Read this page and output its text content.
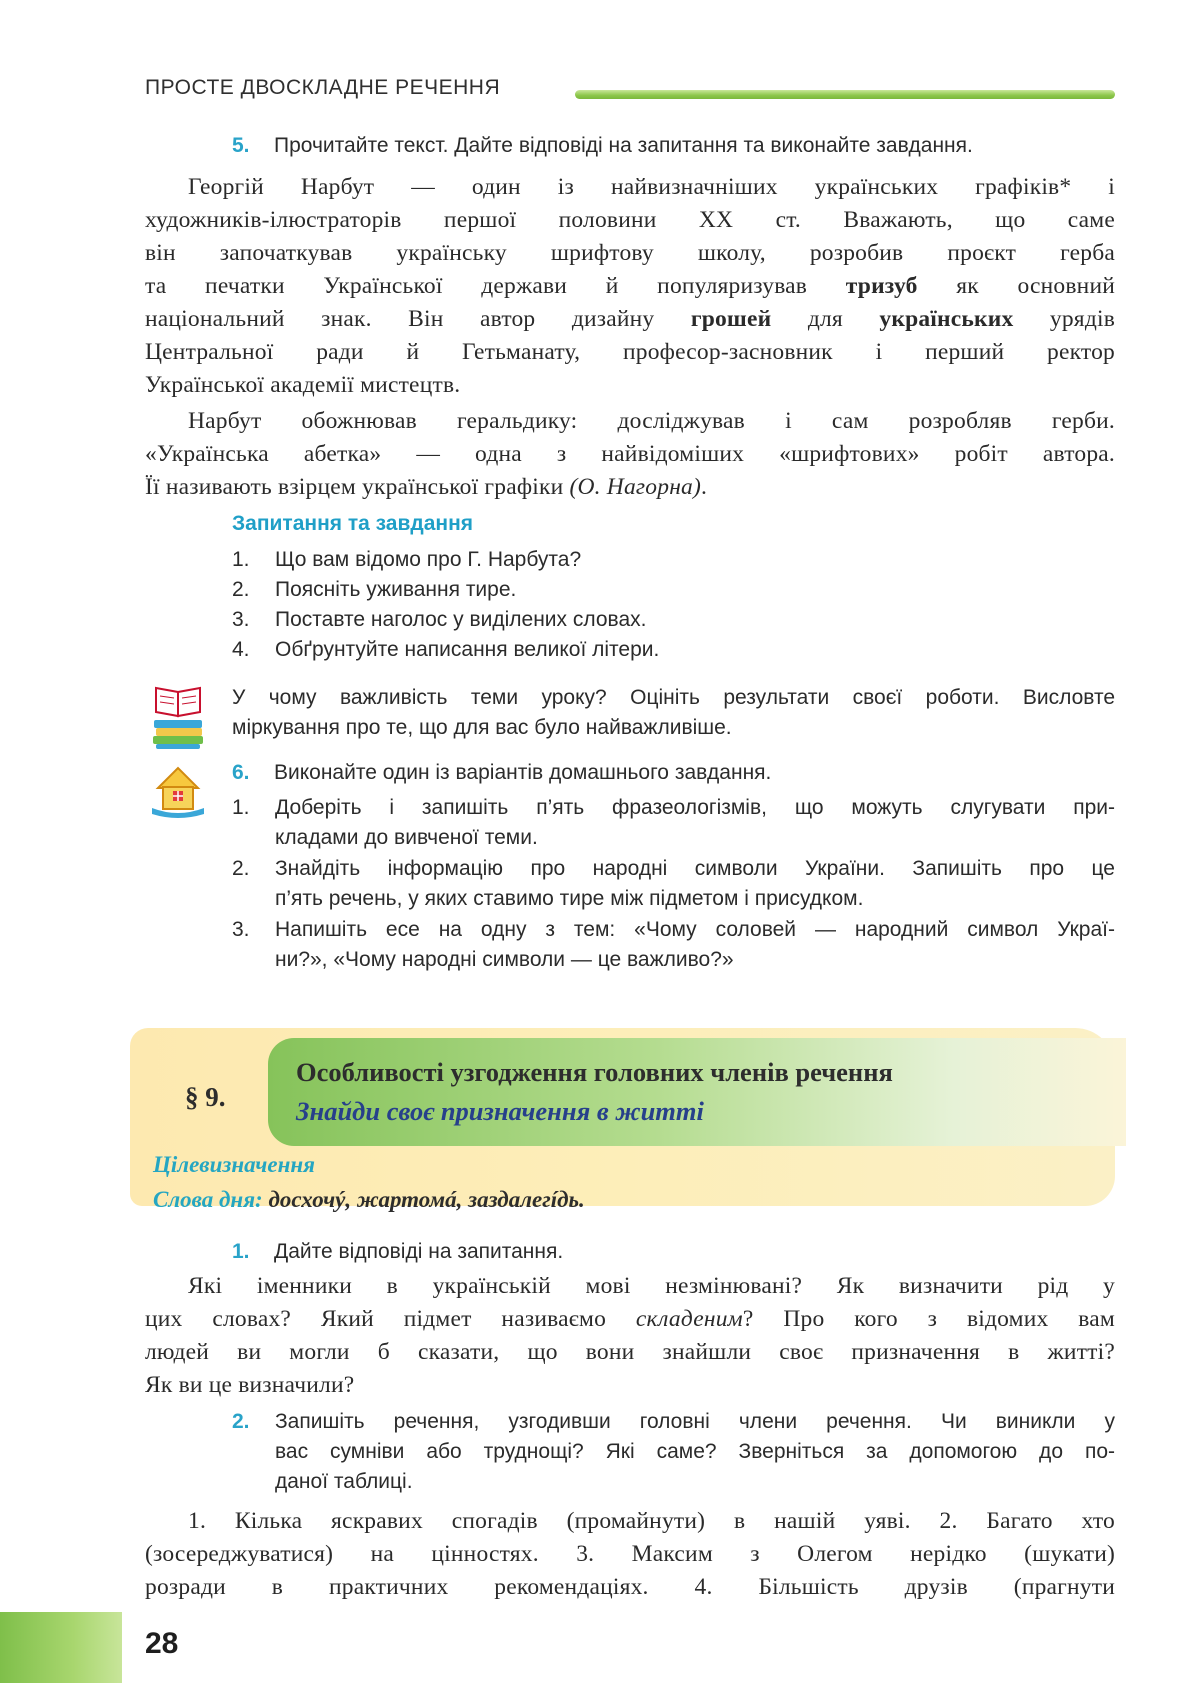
ПРОСТЕ ДВОСКЛАДНЕ РЕЧЕННЯ
5. Прочитайте текст. Дайте відповіді на запитання та виконайте завдання.
Георгій Нарбут — один із найвизначніших українських графіків* і
художників-ілюстраторів першої половини XX ст. Вважають, що саме
він започаткував українську шрифтову школу, розробив проєкт герба
та печатки Української держави й популяризував тризуб як основний
національний знак. Він автор дизайну грошей для українських урядів
Центральної ради й Гетьманату, професор-засновник і перший ректор
Української академії мистецтв.
Нарбут обожнював геральдику: досліджував і сам розробляв герби.
«Українська абетка» — одна з найвідоміших «шрифтових» робіт автора.
Її називають взірцем української графіки (О. Нагорна).
Запитання та завдання
1. Що вам відомо про Г. Нарбута?
2. Поясніть уживання тире.
3. Поставте наголос у виділених словах.
4. Обґрунтуйте написання великої літери.
У чому важливість теми уроку? Оцініть результати своєї роботи. Висловте
міркування про те, що для вас було найважливіше.
6. Виконайте один із варіантів домашнього завдання.
1. Доберіть і запишіть п’ять фразеологізмів, що можуть слугувати при-
кладами до вивченої теми.
2. Знайдіть інформацію про народні символи України. Запишіть про це
п’ять речень, у яких ставимо тире між підметом і присудком.
3. Напишіть есе на одну з тем: «Чому соловей — народний символ Украї-
ни?», «Чому народні символи — це важливо?»
§ 9.
Особливості узгодження головних членів речення
Знайди своє призначення в житті
Цілевизначення
Слова дня: досхочý, жартомá, заздалегíдь.
1. Дайте відповіді на запитання.
Які іменники в українській мові незмінювані? Як визначити рід у
цих словах? Який підмет називаємо складеним? Про кого з відомих вам
людей ви могли б сказати, що вони знайшли своє призначення в житті?
Як ви це визначили?
2.	Запишіть речення, узгодивши головні члени речення. Чи виникли у
вас сумніви або труднощі? Які саме? Зверніться за допомогою до по-
даної таблиці.
1. Кілька яскравих спогадів (промайнути) в нашій уяві. 2. Багато хто
(зосереджуватися) на цінностях. 3. Максим з Олегом нерідко (шукати)
розради в практичних рекомендаціях. 4. Більшість друзів (прагнути
28
